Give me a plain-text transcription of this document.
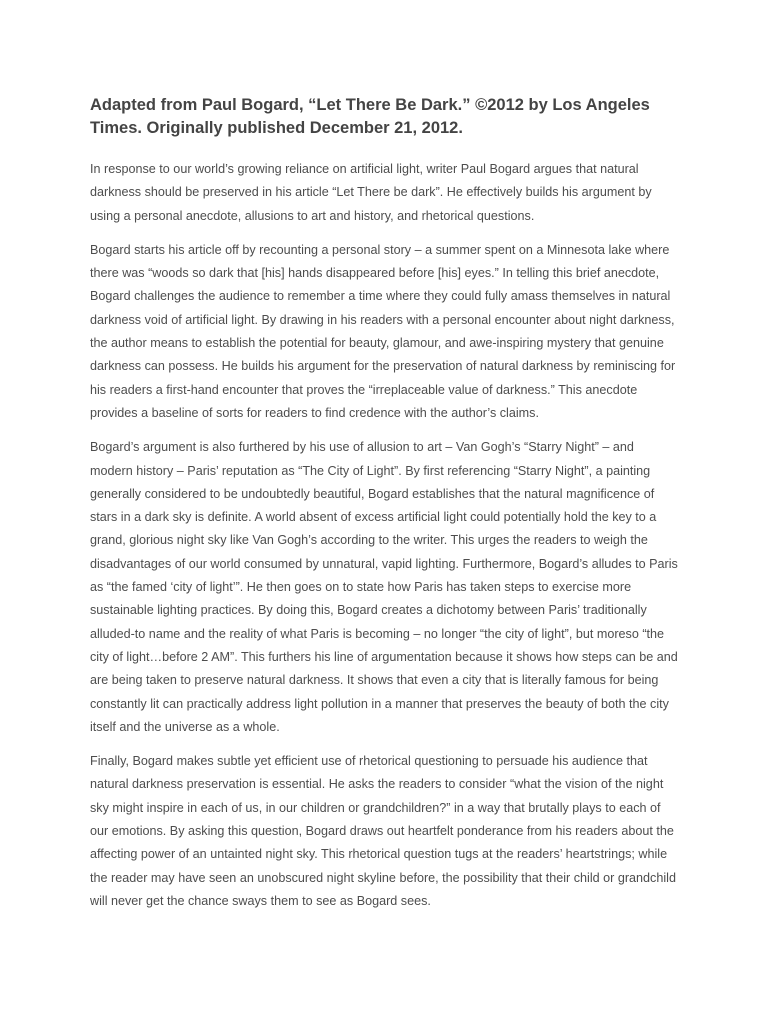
Adapted from Paul Bogard, “Let There Be Dark.” ©2012 by Los Angeles Times. Originally published December 21, 2012.

In response to our world’s growing reliance on artificial light, writer Paul Bogard argues that natural darkness should be preserved in his article “Let There be dark”. He effectively builds his argument by using a personal anecdote, allusions to art and history, and rhetorical questions.

Bogard starts his article off by recounting a personal story – a summer spent on a Minnesota lake where there was “woods so dark that [his] hands disappeared before [his] eyes.” In telling this brief anecdote, Bogard challenges the audience to remember a time where they could fully amass themselves in natural darkness void of artificial light. By drawing in his readers with a personal encounter about night darkness, the author means to establish the potential for beauty, glamour, and awe-inspiring mystery that genuine darkness can possess. He builds his argument for the preservation of natural darkness by reminiscing for his readers a first-hand encounter that proves the “irreplaceable value of darkness.” This anecdote provides a baseline of sorts for readers to find credence with the author’s claims.

Bogard’s argument is also furthered by his use of allusion to art – Van Gogh’s “Starry Night” – and modern history – Paris’ reputation as “The City of Light”. By first referencing “Starry Night”, a painting generally considered to be undoubtedly beautiful, Bogard establishes that the natural magnificence of stars in a dark sky is definite. A world absent of excess artificial light could potentially hold the key to a grand, glorious night sky like Van Gogh’s according to the writer. This urges the readers to weigh the disadvantages of our world consumed by unnatural, vapid lighting. Furthermore, Bogard’s alludes to Paris as “the famed ‘city of light’”. He then goes on to state how Paris has taken steps to exercise more sustainable lighting practices. By doing this, Bogard creates a dichotomy between Paris’ traditionally alluded-to name and the reality of what Paris is becoming – no longer “the city of light”, but moreso “the city of light…before 2 AM”. This furthers his line of argumentation because it shows how steps can be and are being taken to preserve natural darkness. It shows that even a city that is literally famous for being constantly lit can practically address light pollution in a manner that preserves the beauty of both the city itself and the universe as a whole.

Finally, Bogard makes subtle yet efficient use of rhetorical questioning to persuade his audience that natural darkness preservation is essential. He asks the readers to consider “what the vision of the night sky might inspire in each of us, in our children or grandchildren?” in a way that brutally plays to each of our emotions. By asking this question, Bogard draws out heartfelt ponderance from his readers about the affecting power of an untainted night sky. This rhetorical question tugs at the readers’ heartstrings; while the reader may have seen an unobscured night skyline before, the possibility that their child or grandchild will never get the chance sways them to see as Bogard sees.
